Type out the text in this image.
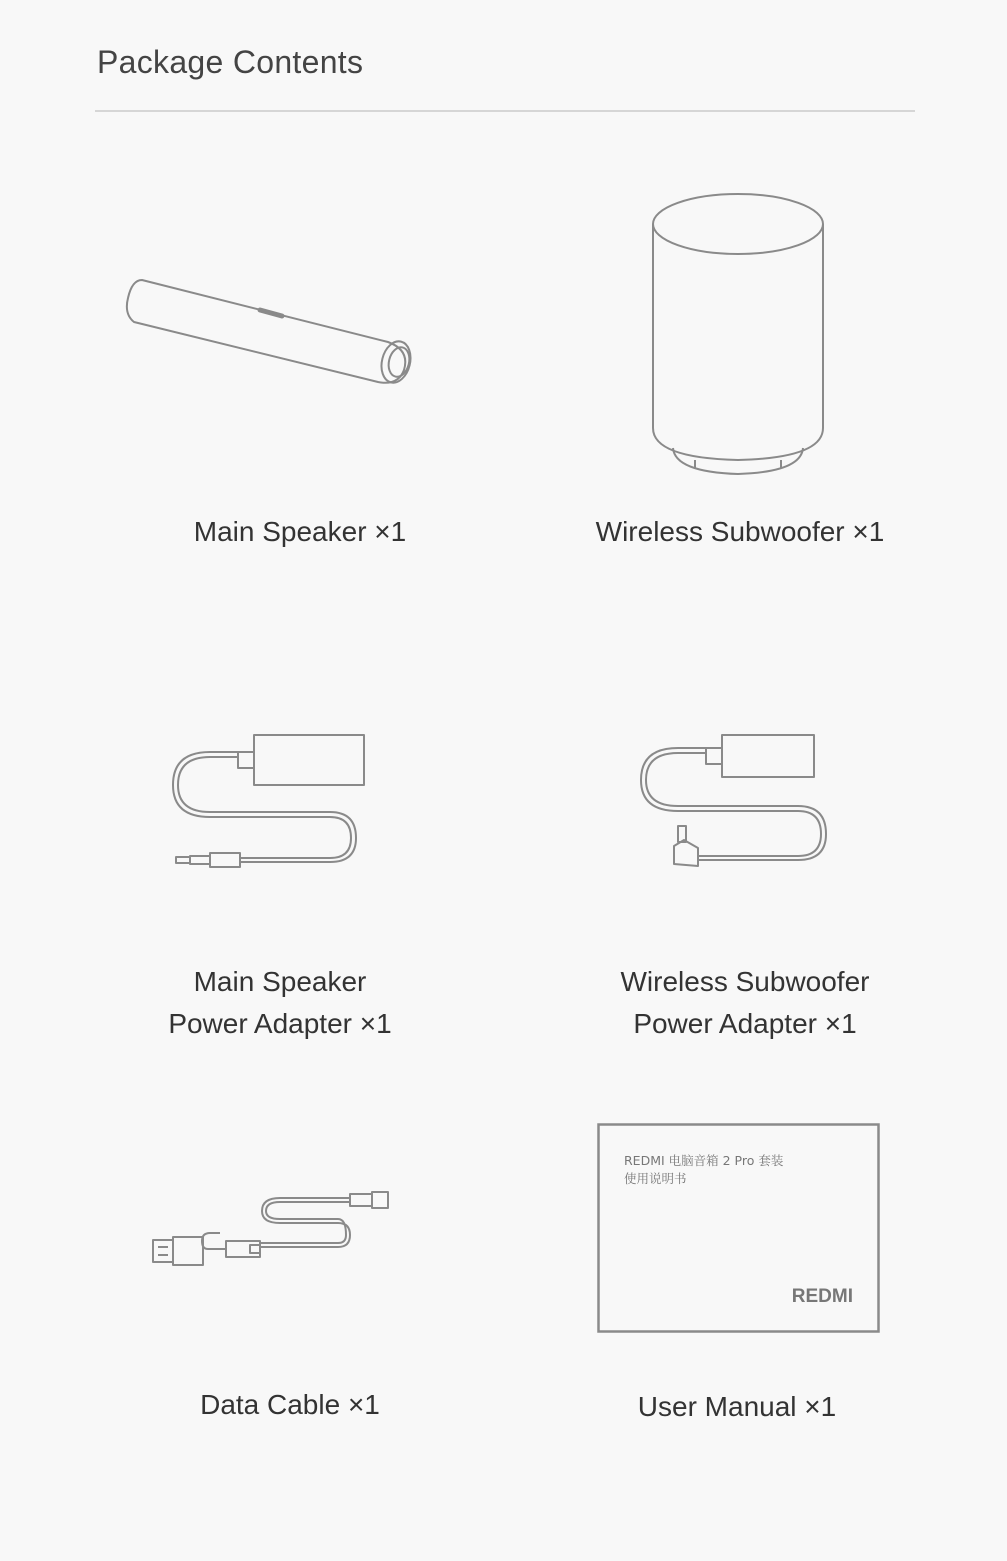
Package Contents
Main Speaker ×1	Wireless Subwoofer ×1
Main Speaker
Power Adapter ×1
Wireless Subwoofer
Power Adapter ×1
Data Cable ×1
REDMI 电脑音箱 2 Pro 套装
使用说明书
REDMI
User Manual ×1
